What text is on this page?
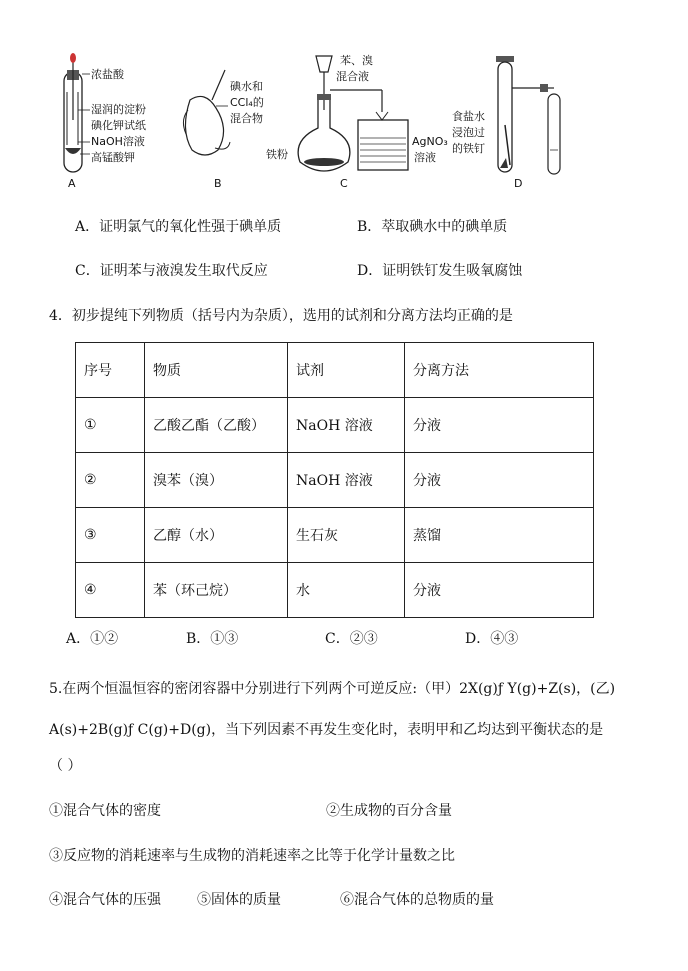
浓盐酸
湿润的淀粉
碘化钾试纸
NaOH溶液
高锰酸钾
A
碘水和
CCl₄的
混合物
B
苯、溴
混合液
AgNO₃
溶液
铁粉
C
食盐水
浸泡过
的铁钉
D
A．证明氯气的氧化性强于碘单质	B．萃取碘水中的碘单质
C．证明苯与液溴发生取代反应	D．证明铁钉发生吸氧腐蚀
4．初步提纯下列物质（括号内为杂质），选用的试剂和分离方法均正确的是
序号	物质	试剂	分离方法
①	乙酸乙酯（乙酸）	NaOH 溶液	分液
②	溴苯（溴）	NaOH 溶液	分液
③	乙醇（水）	生石灰	蒸馏
④	苯（环己烷）	水	分液
A．①②	B．①③	C．②③	D．④③
5.在两个恒温恒容的密闭容器中分别进行下列两个可逆反应:（甲）2X(g)ƒ Y(g)+Z(s)，(乙)
A(s)+2B(g)ƒ C(g)+D(g)，当下列因素不再发生变化时，表明甲和乙均达到平衡状态的是
（ ）
①混合气体的密度	②生成物的百分含量
③反应物的消耗速率与生成物的消耗速率之比等于化学计量数之比
④混合气体的压强	⑤固体的质量	⑥混合气体的总物质的量
